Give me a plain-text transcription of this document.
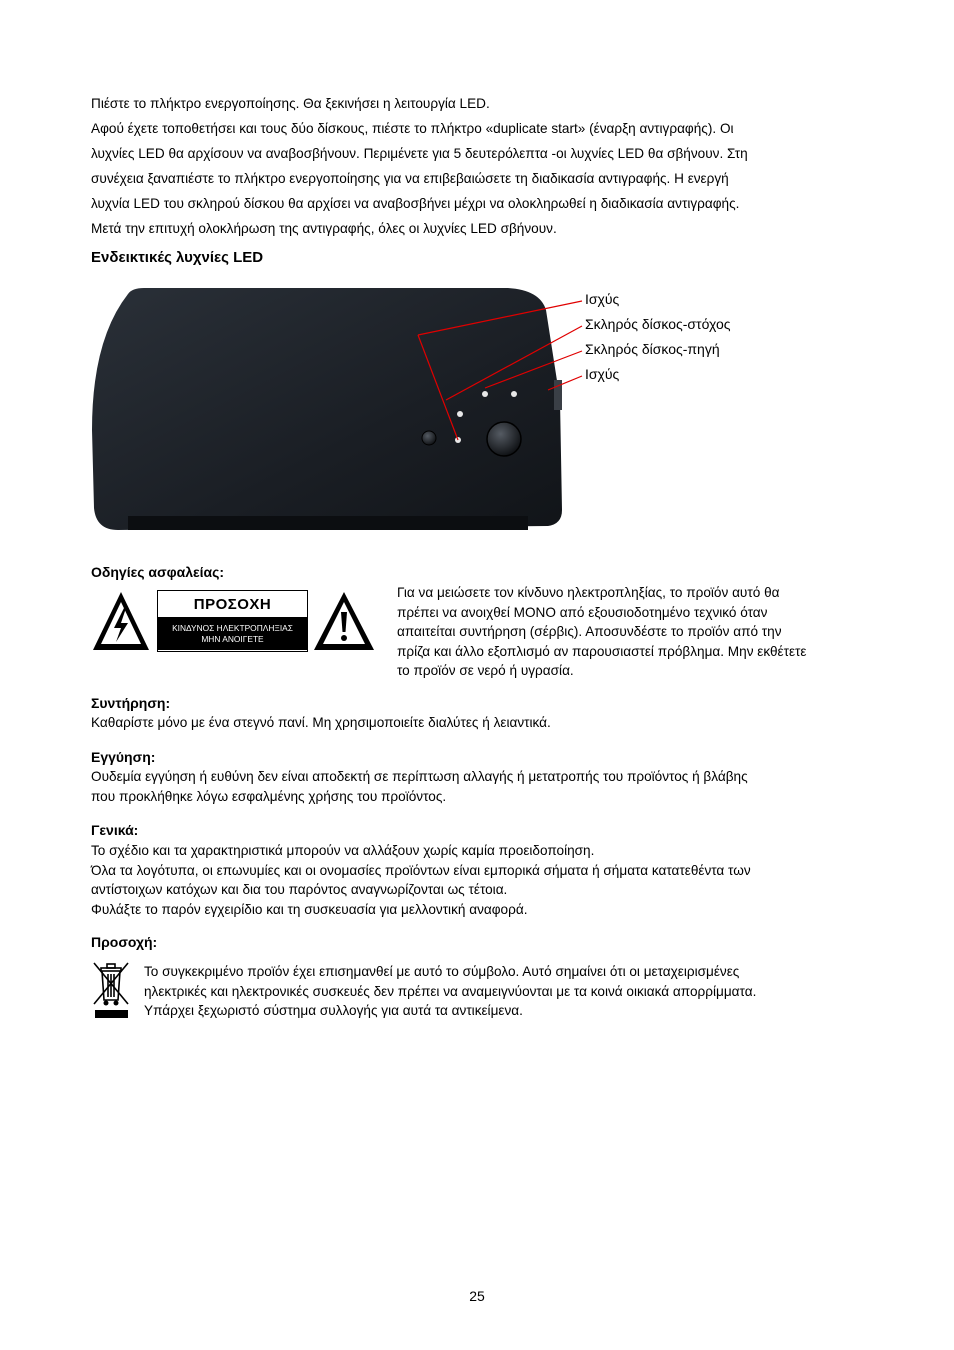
Πιέστε το πλήκτρο ενεργοποίησης. Θα ξεκινήσει η λειτουργία LED.

Αφού έχετε τοποθετήσει και τους δύο δίσκους, πιέστε το πλήκτρο «duplicate start» (έναρξη αντιγραφής). Οι

λυχνίες LED θα αρχίσουν να αναβοσβήνουν. Περιμένετε για 5 δευτερόλεπτα -οι λυχνίες LED θα σβήνουν. Στη

συνέχεια ξαναπιέστε το πλήκτρο ενεργοποίησης για να επιβεβαιώσετε τη διαδικασία αντιγραφής. Η ενεργή

λυχνία LED του σκληρού δίσκου θα αρχίσει να αναβοσβήνει μέχρι να ολοκληρωθεί η διαδικασία αντιγραφής.

Μετά την επιτυχή ολοκλήρωση της αντιγραφής, όλες οι λυχνίες LED σβήνουν.

Ενδεικτικές λυχνίες LED
Ισχύς
Σκληρός δίσκος-στόχος
Σκληρός δίσκος-πηγή
Ισχύς
Οδηγίες ασφαλείας:
ΠΡΟΣΟΧΗ
ΚΙΝΔΥΝΟΣ ΗΛΕΚΤΡΟΠΛΗΞΙΑΣ
ΜΗΝ ΑΝΟΙΓΕΤΕ

Για να μειώσετε τον κίνδυνο ηλεκτροπληξίας, το προϊόν αυτό θα

πρέπει να ανοιχθεί ΜΟΝΟ από εξουσιοδοτημένο τεχνικό όταν

απαιτείται συντήρηση (σέρβις). Αποσυνδέστε το προϊόν από την

πρίζα και άλλο εξοπλισμό αν παρουσιαστεί πρόβλημα. Μην εκθέτετε

το προϊόν σε νερό ή υγρασία.

Συντήρηση:

Καθαρίστε μόνο με ένα στεγνό πανί. Μη χρησιμοποιείτε διαλύτες ή λειαντικά.

Εγγύηση:

Ουδεμία εγγύηση ή ευθύνη δεν είναι αποδεκτή σε περίπτωση αλλαγής ή μετατροπής του προϊόντος ή βλάβης

που προκλήθηκε λόγω εσφαλμένης χρήσης του προϊόντος.

Γενικά:

Το σχέδιο και τα χαρακτηριστικά μπορούν να αλλάξουν χωρίς καμία προειδοποίηση.

Όλα τα λογότυπα, οι επωνυμίες και οι ονομασίες προϊόντων είναι εμπορικά σήματα ή σήματα κατατεθέντα των

αντίστοιχων κατόχων και δια του παρόντος αναγνωρίζονται ως τέτοια.

Φυλάξτε το παρόν εγχειρίδιο και τη συσκευασία για μελλοντική αναφορά.

Προσοχή:

Το συγκεκριμένο προϊόν έχει επισημανθεί με αυτό το σύμβολο. Αυτό σημαίνει ότι οι μεταχειρισμένες

ηλεκτρικές και ηλεκτρονικές συσκευές δεν πρέπει να αναμειγνύονται με τα κοινά οικιακά απορρίμματα.

Υπάρχει ξεχωριστό σύστημα συλλογής για αυτά τα αντικείμενα.

25
